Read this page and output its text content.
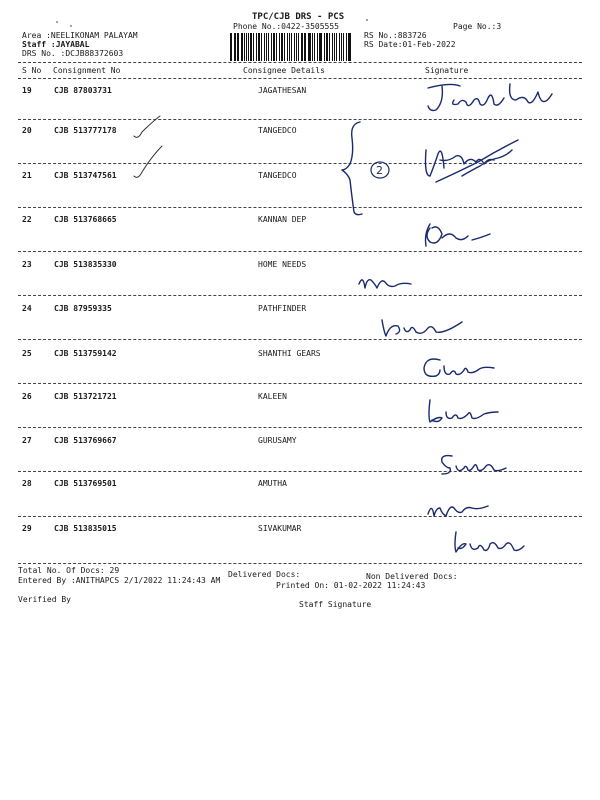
TPC/CJB DRS - PCS
Phone No.:0422-3505555	Page No.:3
Area :NEELIKONAM PALAYAM
Staff :JAYABAL
DRS No. :DCJB88372603
RS No.:883726
RS Date:01-Feb-2022
S No Consignment No	Consignee Details	Signature
19	CJB 87803731	JAGATHESAN
20	CJB 513777178	TANGEDCO
21	CJB 513747561	TANGEDCO
22	CJB 513768665	KANNAN DEP
23	CJB 513835330	HOME NEEDS
24	CJB 87959335	PATHFINDER
25	CJB 513759142	SHANTHI GEARS
26	CJB 513721721	KALEEN
27	CJB 513769667	GURUSAMY
28	CJB 513769501	AMUTHA
29	CJB 513835015	SIVAKUMAR
2
Total No. Of Docs: 29	Delivered Docs:	Non Delivered Docs:
Entered By :ANITHAPCS 2/1/2022 11:24:43 AM
Printed On: 01-02-2022 11:24:43
Verified By
Staff Signature
